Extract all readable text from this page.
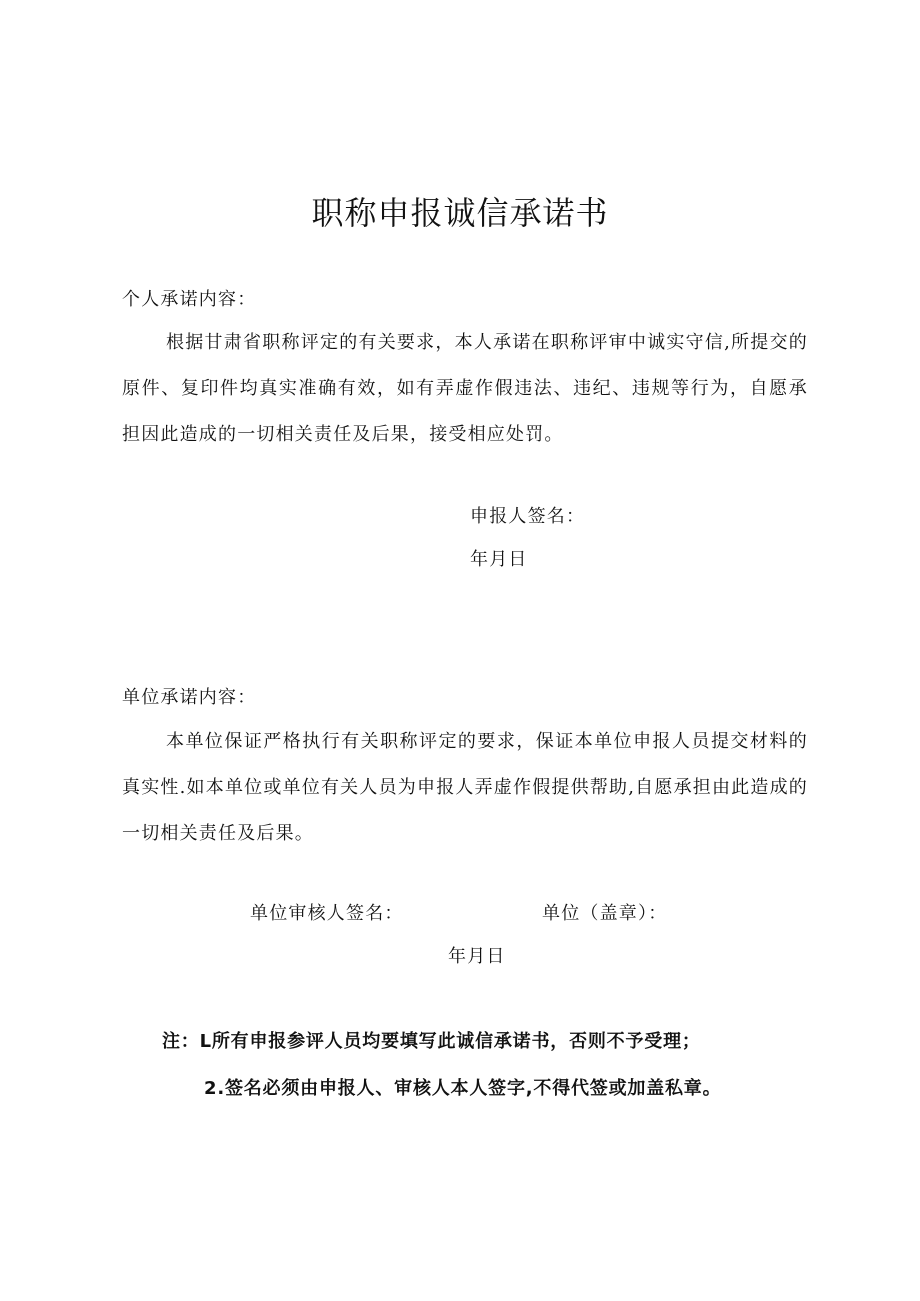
职称申报诚信承诺书
个人承诺内容：
根据甘肃省职称评定的有关要求，本人承诺在职称评审中诚实守信,所提交的原件、复印件均真实准确有效，如有弄虚作假违法、违纪、违规等行为，自愿承担因此造成的一切相关责任及后果，接受相应处罚。
申报人签名：
年月日
单位承诺内容：
本单位保证严格执行有关职称评定的要求，保证本单位申报人员提交材料的真实性.如本单位或单位有关人员为申报人弄虚作假提供帮助,自愿承担由此造成的一切相关责任及后果。
单位审核人签名：	单位（盖章）：
年月日
注：L所有申报参评人员均要填写此诚信承诺书，否则不予受理；
2.签名必须由申报人、审核人本人签字,不得代签或加盖私章。
